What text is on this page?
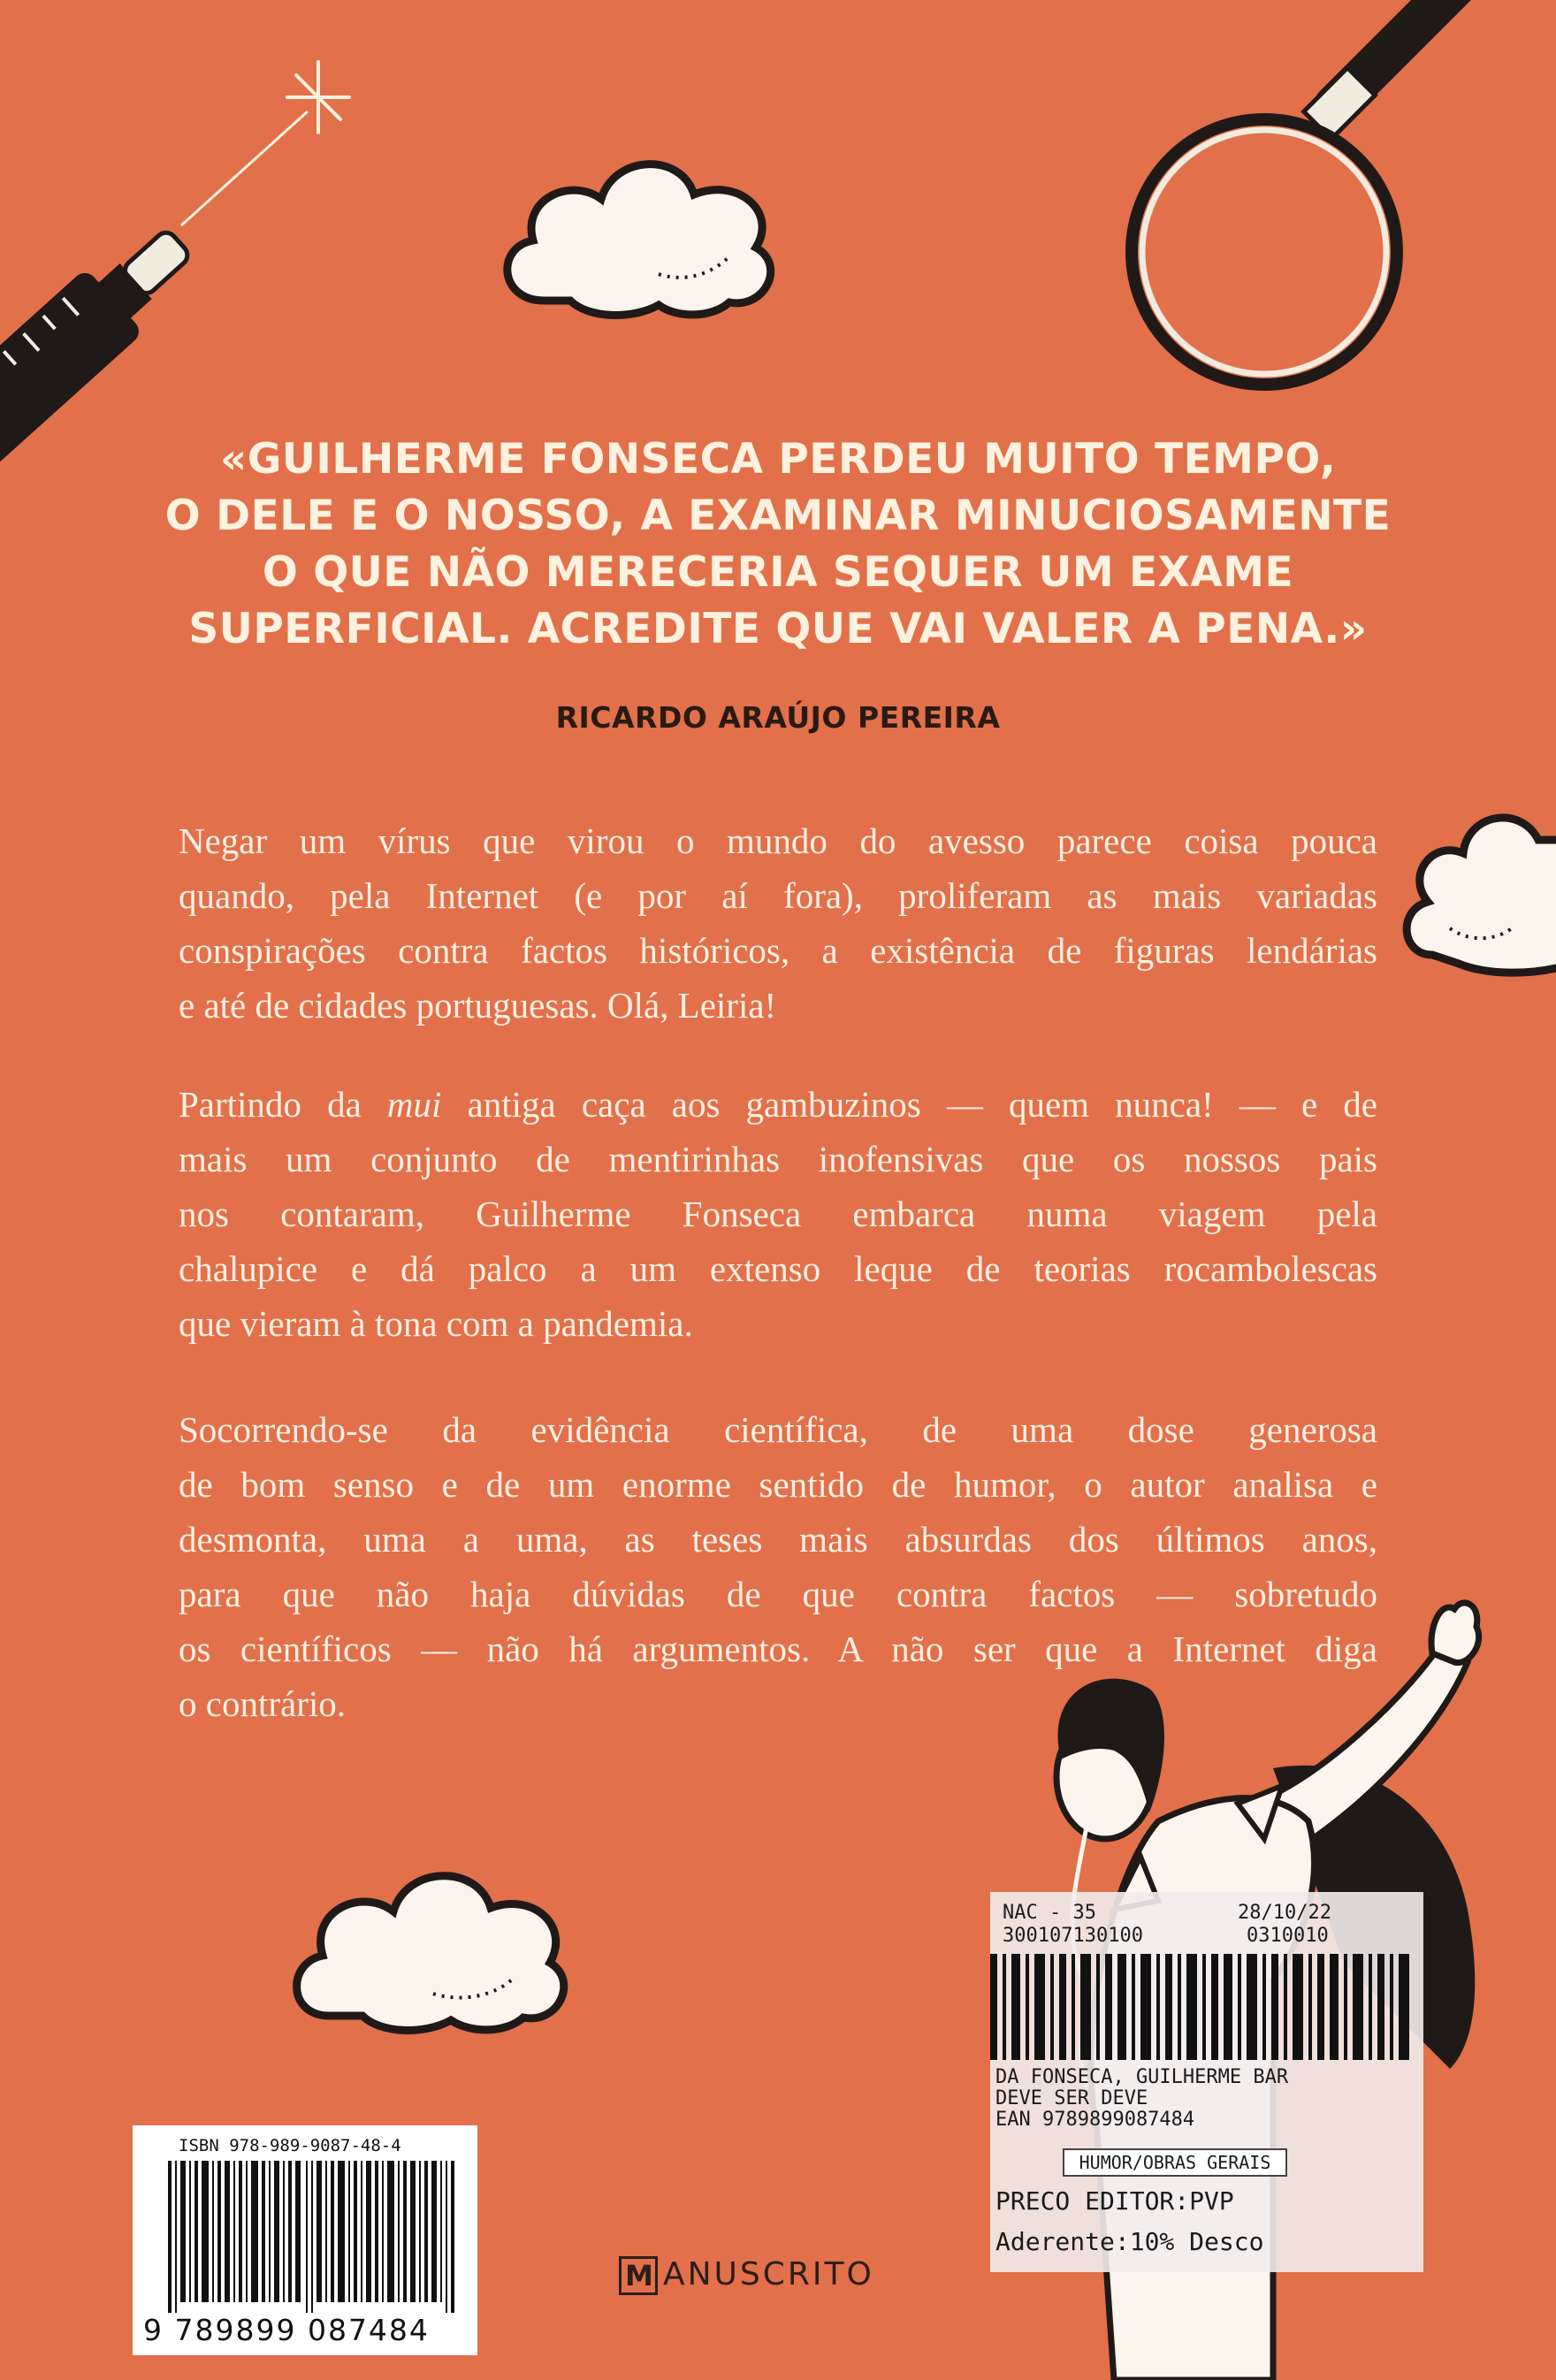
«GUILHERME FONSECA PERDEU MUITO TEMPO,
O DELE E O NOSSO, A EXAMINAR MINUCIOSAMENTE
O QUE NÃO MERECERIA SEQUER UM EXAME
SUPERFICIAL. ACREDITE QUE VAI VALER A PENA.»
RICARDO ARAÚJO PEREIRA
Negar um vírus que virou o mundo do avesso parece coisa pouca
quando, pela Internet (e por aí fora), proliferam as mais variadas
conspirações contra factos históricos, a existência de figuras lendárias
e até de cidades portuguesas. Olá, Leiria!
Partindo da mui antiga caça aos gambuzinos — quem nunca! — e de
mais um conjunto de mentirinhas inofensivas que os nossos pais
nos contaram, Guilherme Fonseca embarca numa viagem pela
chalupice e dá palco a um extenso leque de teorias rocambolescas
que vieram à tona com a pandemia.
Socorrendo-se da evidência científica, de uma dose generosa
de bom senso e de um enorme sentido de humor, o autor analisa e
desmonta, uma a uma, as teses mais absurdas dos últimos anos,
para que não haja dúvidas de que contra factos — sobretudo
os científicos — não há argumentos. A não ser que a Internet diga
o contrário.
ISBN 978-989-9087-48-4
9 789899 087484
M ANUSCRITO
NAC - 35	28/10/22
300107130100	0310010
DA FONSECA, GUILHERME BAR
DEVE SER DEVE
EAN 9789899087484
HUMOR/OBRAS GERAIS
PRECO EDITOR:PVP
Aderente:10% Desco
